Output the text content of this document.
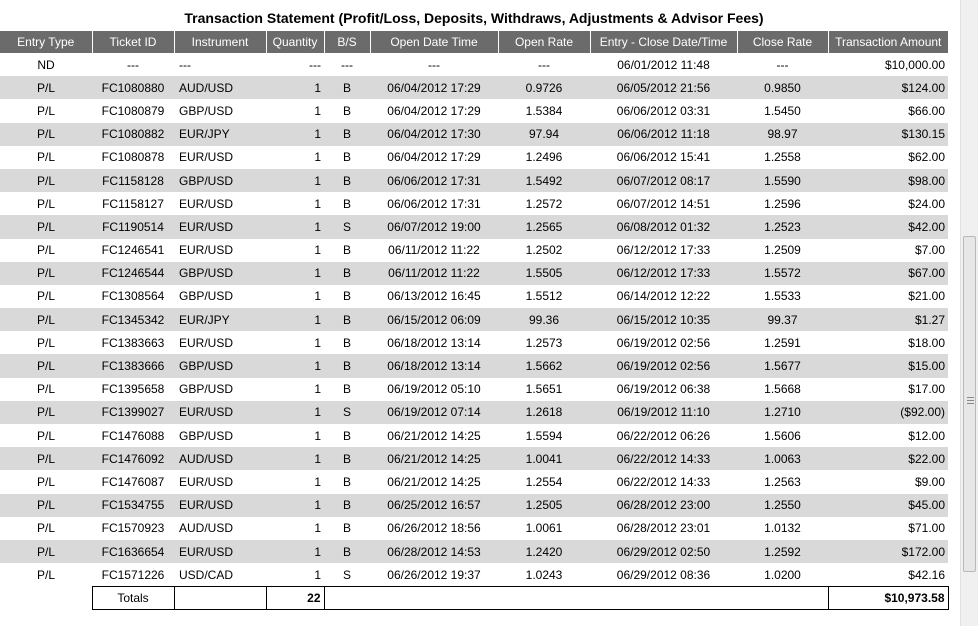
Transaction Statement (Profit/Loss, Deposits, Withdraws, Adjustments & Advisor Fees)
Entry Type	Ticket ID	Instrument	Quantity	B/S	Open Date Time	Open Rate	Entry - Close Date/Time	Close Rate	Transaction Amount
ND	---	---	---	---	---	---	06/01/2012 11:48	---	$10,000.00
P/L	FC1080880	AUD/USD	1	B	06/04/2012 17:29	0.9726	06/05/2012 21:56	0.9850	$124.00
P/L	FC1080879	GBP/USD	1	B	06/04/2012 17:29	1.5384	06/06/2012 03:31	1.5450	$66.00
P/L	FC1080882	EUR/JPY	1	B	06/04/2012 17:30	97.94	06/06/2012 11:18	98.97	$130.15
P/L	FC1080878	EUR/USD	1	B	06/04/2012 17:29	1.2496	06/06/2012 15:41	1.2558	$62.00
P/L	FC1158128	GBP/USD	1	B	06/06/2012 17:31	1.5492	06/07/2012 08:17	1.5590	$98.00
P/L	FC1158127	EUR/USD	1	B	06/06/2012 17:31	1.2572	06/07/2012 14:51	1.2596	$24.00
P/L	FC1190514	EUR/USD	1	S	06/07/2012 19:00	1.2565	06/08/2012 01:32	1.2523	$42.00
P/L	FC1246541	EUR/USD	1	B	06/11/2012 11:22	1.2502	06/12/2012 17:33	1.2509	$7.00
P/L	FC1246544	GBP/USD	1	B	06/11/2012 11:22	1.5505	06/12/2012 17:33	1.5572	$67.00
P/L	FC1308564	GBP/USD	1	B	06/13/2012 16:45	1.5512	06/14/2012 12:22	1.5533	$21.00
P/L	FC1345342	EUR/JPY	1	B	06/15/2012 06:09	99.36	06/15/2012 10:35	99.37	$1.27
P/L	FC1383663	EUR/USD	1	B	06/18/2012 13:14	1.2573	06/19/2012 02:56	1.2591	$18.00
P/L	FC1383666	GBP/USD	1	B	06/18/2012 13:14	1.5662	06/19/2012 02:56	1.5677	$15.00
P/L	FC1395658	GBP/USD	1	B	06/19/2012 05:10	1.5651	06/19/2012 06:38	1.5668	$17.00
P/L	FC1399027	EUR/USD	1	S	06/19/2012 07:14	1.2618	06/19/2012 11:10	1.2710	($92.00)
P/L	FC1476088	GBP/USD	1	B	06/21/2012 14:25	1.5594	06/22/2012 06:26	1.5606	$12.00
P/L	FC1476092	AUD/USD	1	B	06/21/2012 14:25	1.0041	06/22/2012 14:33	1.0063	$22.00
P/L	FC1476087	EUR/USD	1	B	06/21/2012 14:25	1.2554	06/22/2012 14:33	1.2563	$9.00
P/L	FC1534755	EUR/USD	1	B	06/25/2012 16:57	1.2505	06/28/2012 23:00	1.2550	$45.00
P/L	FC1570923	AUD/USD	1	B	06/26/2012 18:56	1.0061	06/28/2012 23:01	1.0132	$71.00
P/L	FC1636654	EUR/USD	1	B	06/28/2012 14:53	1.2420	06/29/2012 02:50	1.2592	$172.00
P/L	FC1571226	USD/CAD	1	S	06/26/2012 19:37	1.0243	06/29/2012 08:36	1.0200	$42.16
	Totals		22						$10,973.58
